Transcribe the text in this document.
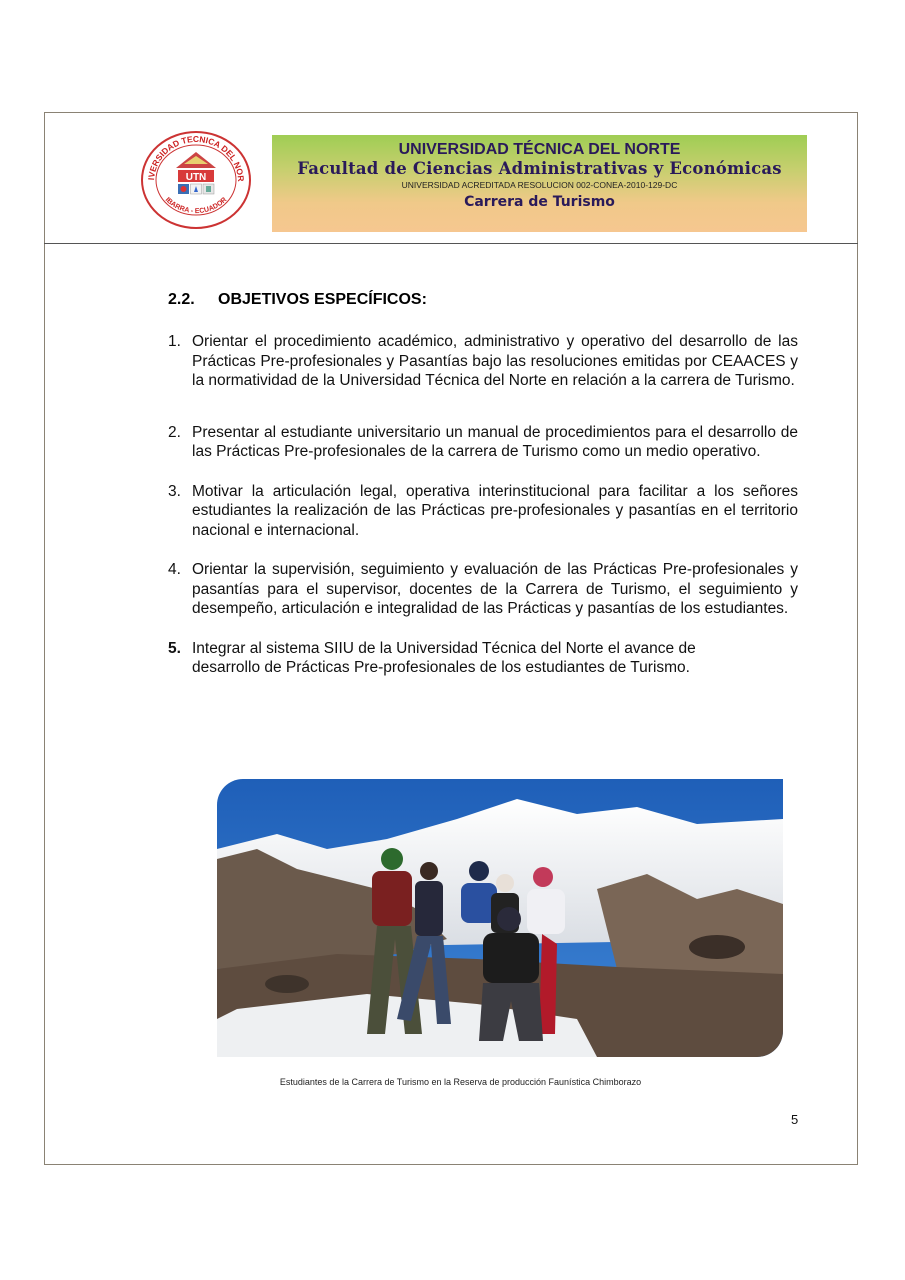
IVERSIDAD TECNICA DEL NOR
IBARRA - ECUADOR
UTN
UNIVERSIDAD TÉCNICA DEL NORTE
Facultad de Ciencias Administrativas y Económicas
UNIVERSIDAD ACREDITADA RESOLUCION 002-CONEA-2010-129-DC
Carrera de Turismo
2.2. OBJETIVOS ESPECÍFICOS:
1. Orientar el procedimiento académico, administrativo y operativo del desarrollo de las Prácticas Pre-profesionales y Pasantías bajo las resoluciones emitidas por CEAACES y la normatividad de la Universidad Técnica del Norte en relación a la carrera de Turismo.
2. Presentar al estudiante universitario un manual de procedimientos para el desarrollo de las Prácticas Pre-profesionales de la carrera de Turismo como un medio operativo.
3. Motivar la articulación legal, operativa interinstitucional para facilitar a los señores estudiantes la realización de las Prácticas pre-profesionales y pasantías en el territorio nacional e internacional.
4. Orientar la supervisión, seguimiento y evaluación de las Prácticas Pre-profesionales y pasantías para el supervisor, docentes de la Carrera de Turismo, el seguimiento y desempeño, articulación e integralidad de las Prácticas y pasantías de los estudiantes.
5. Integrar al sistema SIIU de la Universidad Técnica del Norte el avance de desarrollo de Prácticas Pre-profesionales de los estudiantes de Turismo.
Estudiantes de la Carrera de Turismo en la Reserva de producción Faunística Chimborazo
5
